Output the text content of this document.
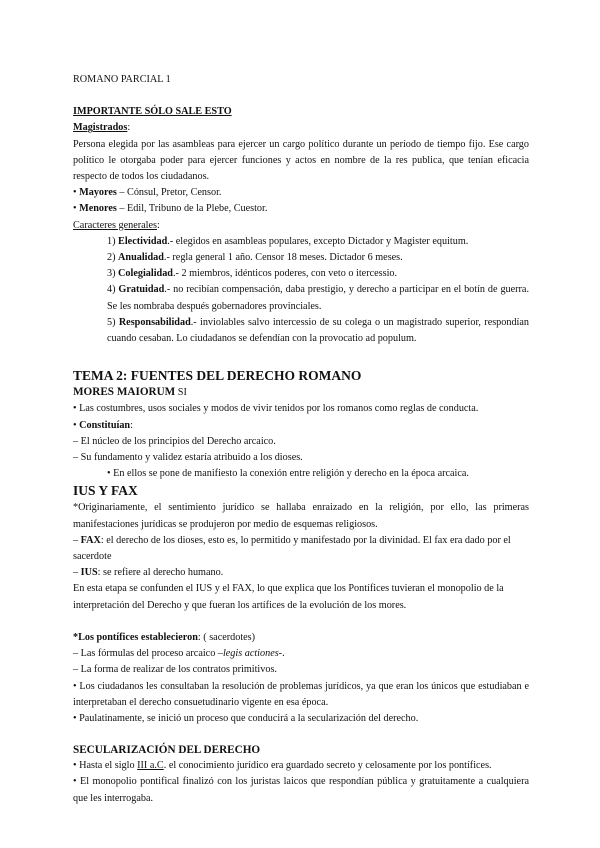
ROMANO PARCIAL 1

IMPORTANTE SÓLO SALE ESTO

Magistrados:

Persona elegida por las asambleas para ejercer un cargo político durante un período de tiempo fijo. Ese cargo político le otorgaba poder para ejercer funciones y actos en nombre de la res publica, que tenían eficacia respecto de todos los ciudadanos.

• Mayores – Cónsul, Pretor, Censor.

• Menores – Edil, Tribuno de la Plebe, Cuestor.

Caracteres generales:

1) Electividad.- elegidos en asambleas populares, excepto Dictador y Magister equitum.

2) Anualidad.- regla general 1 año. Censor 18 meses. Dictador 6 meses.

3) Colegialidad.- 2 miembros, idénticos poderes, con veto o itercessio.

4) Gratuidad.- no recibían compensación, daba prestigio, y derecho a participar en el botín de guerra. Se les nombraba después gobernadores provinciales.

5) Responsabilidad.- inviolables salvo intercessio de su colega o un magistrado superior, respondían cuando cesaban. Lo ciudadanos se defendían con la provocatio ad populum.

TEMA 2: FUENTES DEL DERECHO ROMANO

MORES MAIORUM SI

• Las costumbres, usos sociales y modos de vivir tenidos por los romanos como reglas de conducta.

• Constituían:

– El núcleo de los principios del Derecho arcaico.

– Su fundamento y validez estaría atribuido a los dioses.

• En ellos se pone de manifiesto la conexión entre religión y derecho en la época arcaica.

IUS Y FAX

*Originariamente, el sentimiento jurídico se hallaba enraizado en la religión, por ello, las primeras manifestaciones jurídicas se produjeron por medio de esquemas religiosos.

– FAX: el derecho de los dioses, esto es, lo permitido y manifestado por la divinidad. El fax era dado por el sacerdote

– IUS: se refiere al derecho humano.

En esta etapa se confunden el IUS y el FAX, lo que explica que los Pontífices tuvieran el monopolio de la interpretación del Derecho y que fueran los artífices de la evolución de los mores.

*Los pontífices establecieron: ( sacerdotes)

– Las fórmulas del proceso arcaico –legis actiones-.

– La forma de realizar de los contratos primitivos.

• Los ciudadanos les consultaban la resolución de problemas jurídicos, ya que eran los únicos que estudiaban e interpretaban el derecho consuetudinario vigente en esa época.

• Paulatinamente, se inició un proceso que conducirá a la secularización del derecho.

SECULARIZACIÓN DEL DERECHO

• Hasta el siglo III a.C. el conocimiento jurídico era guardado secreto y celosamente por los pontífices.

• El monopolio pontifical finalizó con los juristas laicos que respondían pública y gratuitamente a cualquiera que les interrogaba.
